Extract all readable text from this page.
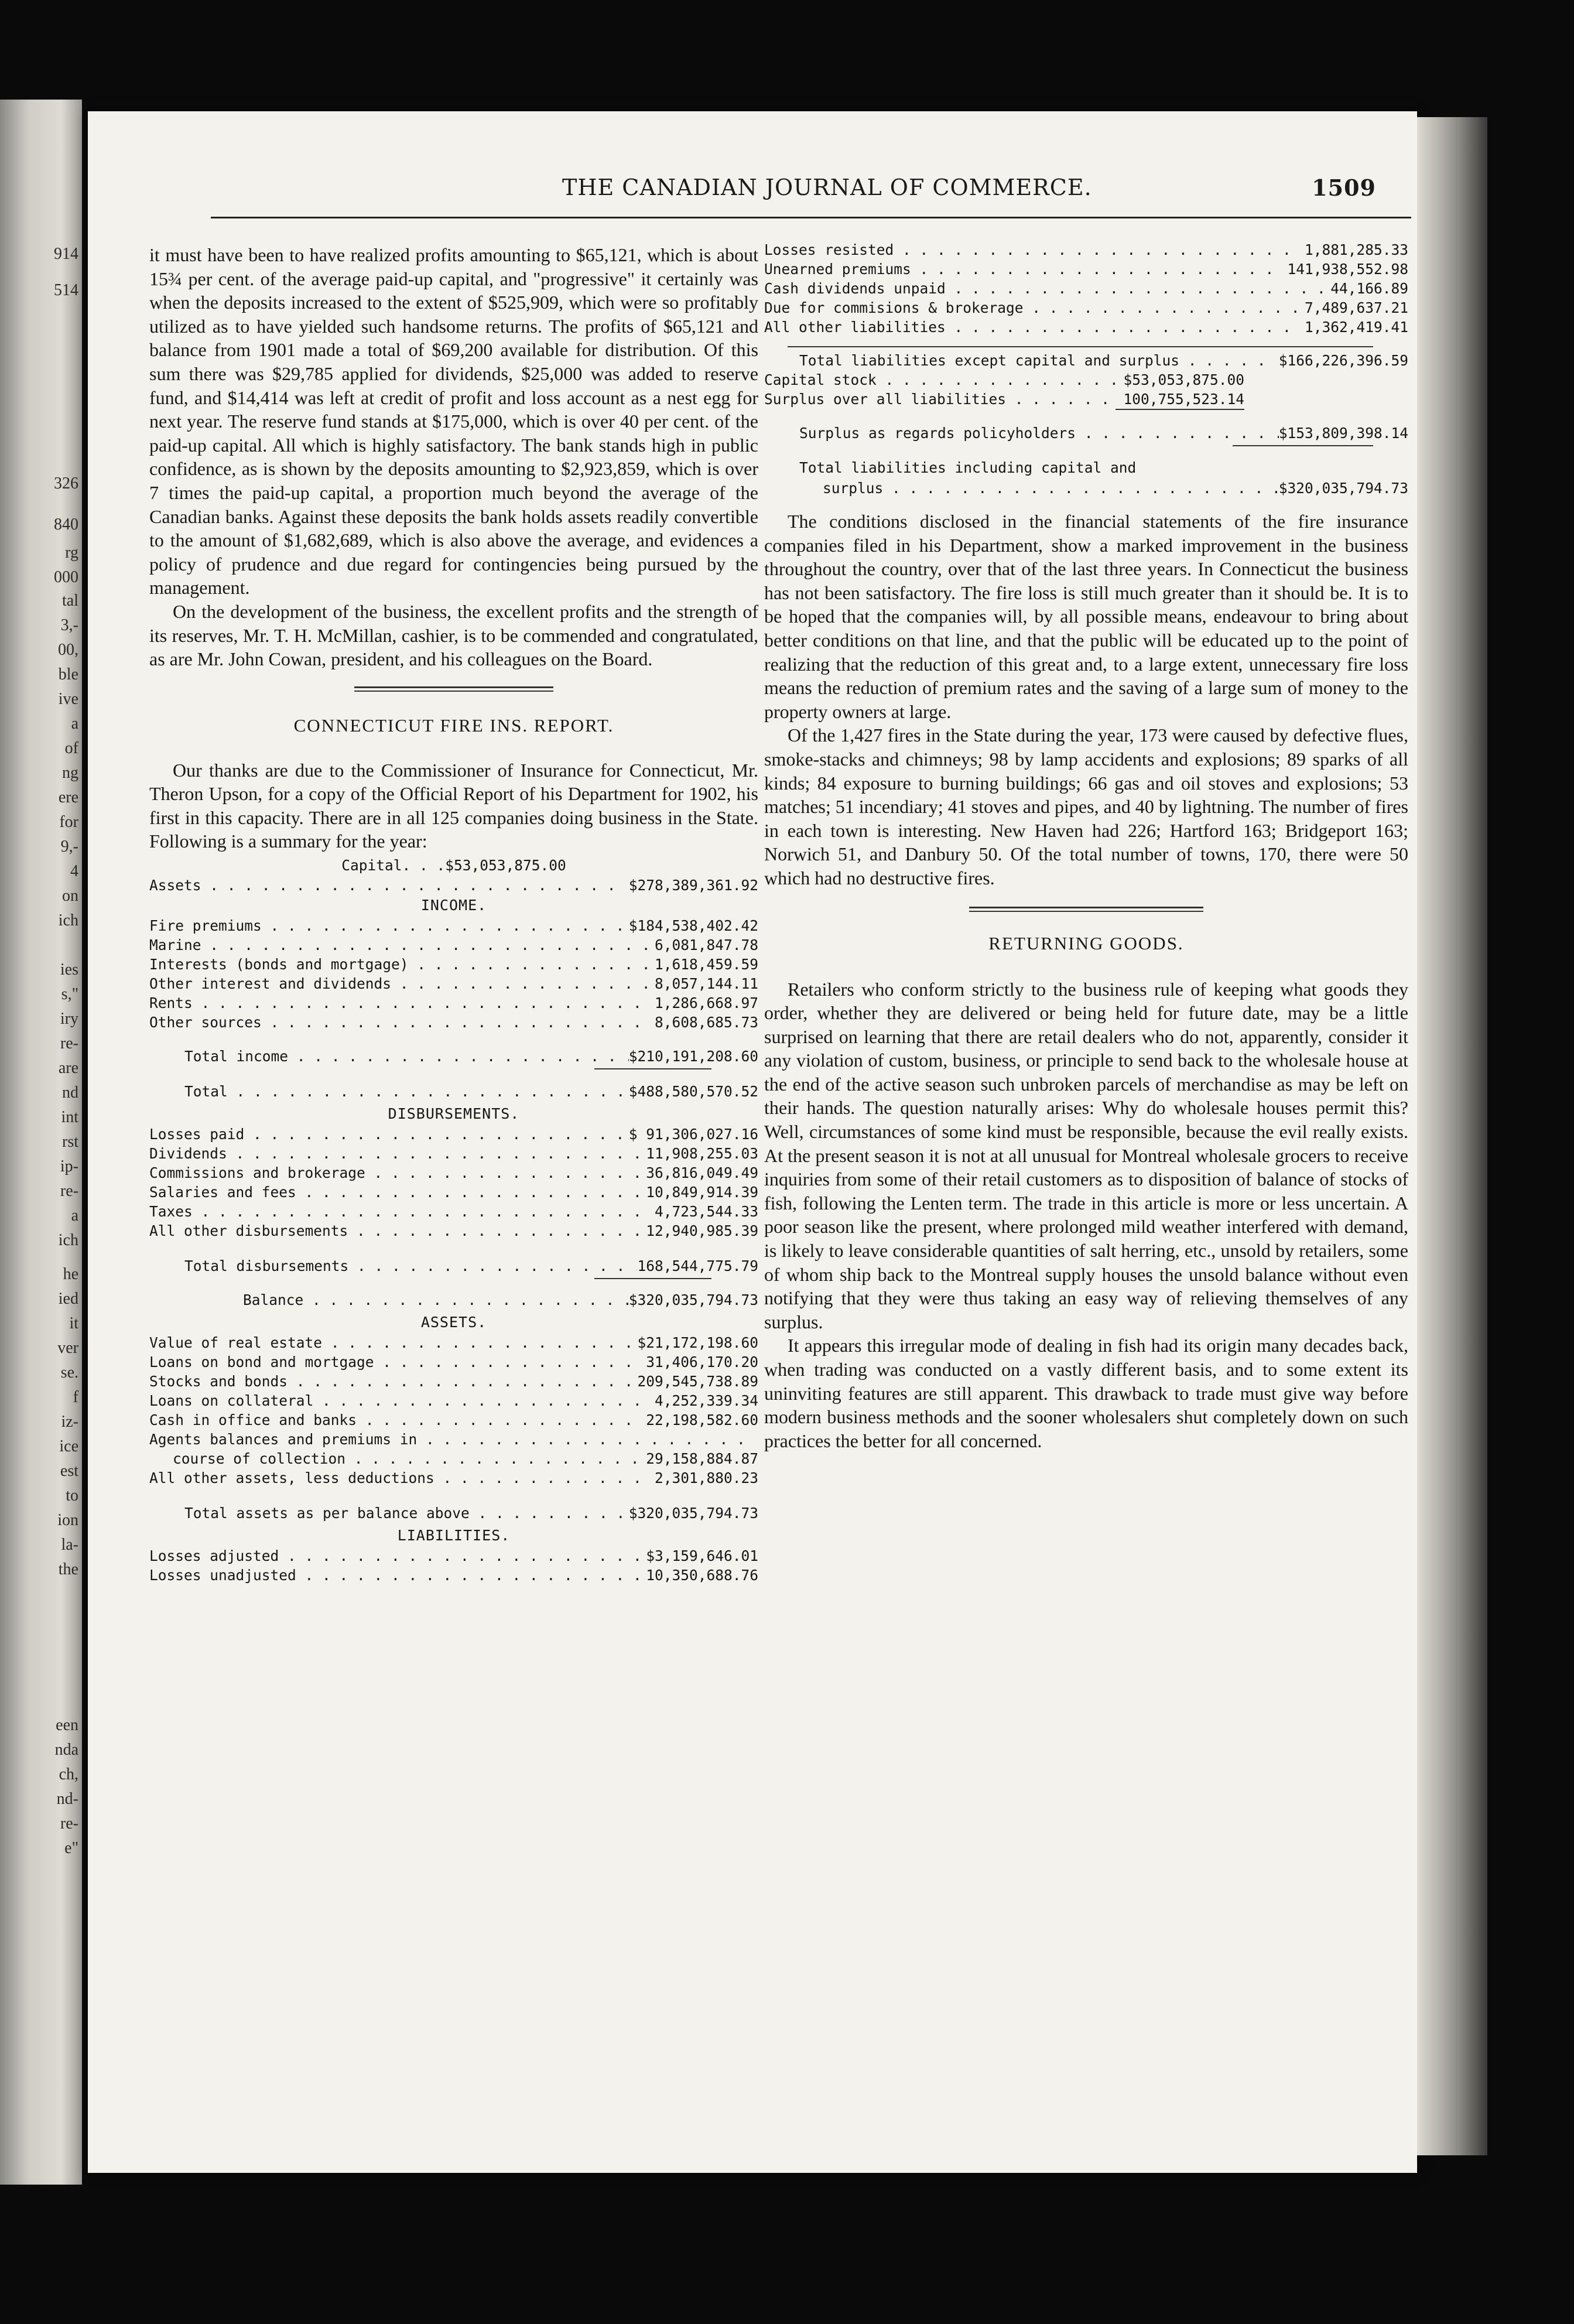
914
514
326
840
rg
000
tal
3,-
00,
ble
ive
a
of
ng
ere
for
9,-
4
on
ich
ies
s,"
iry
re-
are
nd
int
rst
ip-
re-
a
ich
he
ied
it
ver
se.
f
iz-
ice
est
to
ion
la-
the
een
nda
ch,
nd-
re-
e"
THE CANADIAN JOURNAL OF COMMERCE.	1509

it must have been to have realized profits amounting to $65,121, which is about 15¾ per cent. of the average paid-up capital, and "progressive" it certainly was when the deposits increased to the extent of $525,909, which were so profitably utilized as to have yielded such handsome returns. The profits of $65,121 and balance from 1901 made a total of $69,200 available for distribution. Of this sum there was $29,785 applied for dividends, $25,000 was added to reserve fund, and $14,414 was left at credit of profit and loss account as a nest egg for next year. The reserve fund stands at $175,000, which is over 40 per cent. of the paid-up capital. All which is highly satisfactory. The bank stands high in public confidence, as is shown by the deposits amounting to $2,923,859, which is over 7 times the paid-up capital, a proportion much beyond the average of the Canadian banks. Against these deposits the bank holds assets readily convertible to the amount of $1,682,689, which is also above the average, and evidences a policy of prudence and due regard for contingencies being pursued by the management.

On the development of the business, the excellent profits and the strength of its reserves, Mr. T. H. McMillan, cashier, is to be commended and congratulated, as are Mr. John Cowan, president, and his colleagues on the Board.

CONNECTICUT FIRE INS. REPORT.

Our thanks are due to the Commissioner of Insurance for Connecticut, Mr. Theron Upson, for a copy of the Official Report of his Department for 1902, his first in this capacity. There are in all 125 companies doing business in the State. Following is a summary for the year:

Capital. . .$53,053,875.00
Assets . . .	$278,389,361.92
INCOME.
Fire premiums . . .	$184,538,402.42
Marine . . .	6,081,847.78
Interests (bonds and mortgage) . . .	1,618,459.59
Other interest and dividends . . .	8,057,144.11
Rents . . .	1,286,668.97
Other sources . . .	8,608,685.73
Total income . . .	$210,191,208.60
Total . . .	$488,580,570.52
DISBURSEMENTS.
Losses paid . . .	$ 91,306,027.16
Dividends . . .	11,908,255.03
Commissions and brokerage . . .	36,816,049.49
Salaries and fees . . .	10,849,914.39
Taxes . . .	4,723,544.33
All other disbursements . . .	12,940,985.39
Total disbursements . . .	168,544,775.79
Balance . . .	$320,035,794.73
ASSETS.
Value of real estate . . .	$21,172,198.60
Loans on bond and mortgage . . .	31,406,170.20
Stocks and bonds . . .	209,545,738.89
Loans on collateral . . .	4,252,339.34
Cash in office and banks . . .	22,198,582.60
Agents balances and premiums in . . .
course of collection . . .	29,158,884.87
All other assets, less deductions . . .	2,301,880.23
Total assets as per balance above . . .	$320,035,794.73
LIABILITIES.
Losses adjusted . . .	$3,159,646.01
Losses unadjusted . . .	10,350,688.76
Losses resisted . . .	1,881,285.33
Unearned premiums . . .	141,938,552.98
Cash dividends unpaid . . .	44,166.89
Due for commisions & brokerage . . .	7,489,637.21
All other liabilities . . .	1,362,419.41
Total liabilities except capital and surplus . . .	$166,226,396.59
Capital stock . . .	$53,053,875.00
Surplus over all liabilities . . .	100,755,523.14
Surplus as regards policyholders . . .	$153,809,398.14
Total liabilities including capital and
surplus . . .	$320,035,794.73

The conditions disclosed in the financial statements of the fire insurance companies filed in his Department, show a marked improvement in the business throughout the country, over that of the last three years. In Connecticut the business has not been satisfactory. The fire loss is still much greater than it should be. It is to be hoped that the companies will, by all possible means, endeavour to bring about better conditions on that line, and that the public will be educated up to the point of realizing that the reduction of this great and, to a large extent, unnecessary fire loss means the reduction of premium rates and the saving of a large sum of money to the property owners at large.

Of the 1,427 fires in the State during the year, 173 were caused by defective flues, smoke-stacks and chimneys; 98 by lamp accidents and explosions; 89 sparks of all kinds; 84 exposure to burning buildings; 66 gas and oil stoves and explosions; 53 matches; 51 incendiary; 41 stoves and pipes, and 40 by lightning. The number of fires in each town is interesting. New Haven had 226; Hartford 163; Bridgeport 163; Norwich 51, and Danbury 50. Of the total number of towns, 170, there were 50 which had no destructive fires.

RETURNING GOODS.

Retailers who conform strictly to the business rule of keeping what goods they order, whether they are delivered or being held for future date, may be a little surprised on learning that there are retail dealers who do not, apparently, consider it any violation of custom, business, or principle to send back to the wholesale house at the end of the active season such unbroken parcels of merchandise as may be left on their hands. The question naturally arises: Why do wholesale houses permit this? Well, circumstances of some kind must be responsible, because the evil really exists. At the present season it is not at all unusual for Montreal wholesale grocers to receive inquiries from some of their retail customers as to disposition of balance of stocks of fish, following the Lenten term. The trade in this article is more or less uncertain. A poor season like the present, where prolonged mild weather interfered with demand, is likely to leave considerable quantities of salt herring, etc., unsold by retailers, some of whom ship back to the Montreal supply houses the unsold balance without even notifying that they were thus taking an easy way of relieving themselves of any surplus.

It appears this irregular mode of dealing in fish had its origin many decades back, when trading was conducted on a vastly different basis, and to some extent its uninviting features are still apparent. This drawback to trade must give way before modern business methods and the sooner wholesalers shut completely down on such practices the better for all concerned.
